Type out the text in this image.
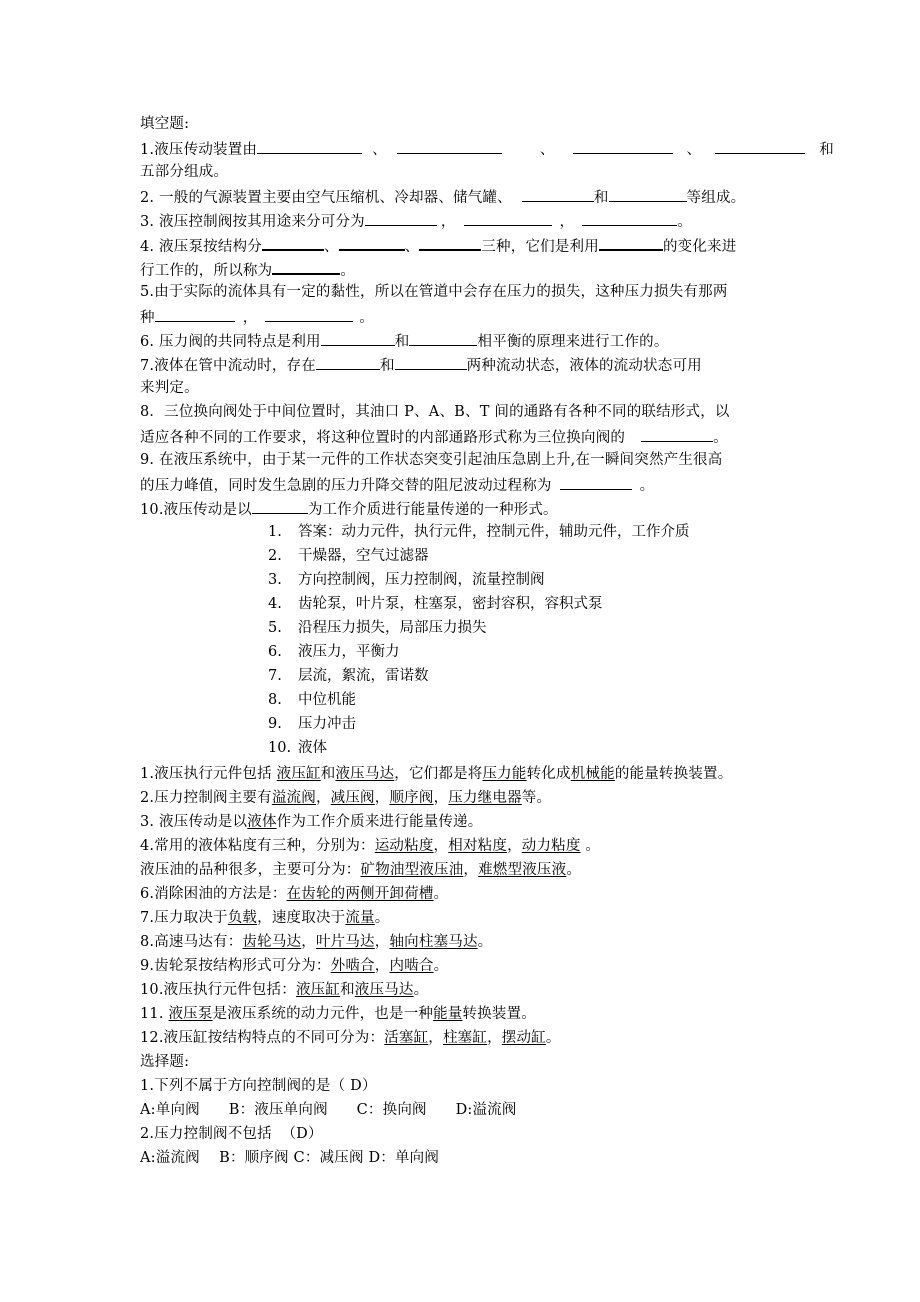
填空题:
1.液压传动装置由	、	、	、	和
五部分组成。
2. 一般的气源装置主要由空气压缩机、冷却器、储气罐、	和	等组成。
3. 液压控制阀按其用途来分可分为	，	，	。
4. 液压泵按结构分	、	、	三种，它们是利用	的变化来进
行工作的，所以称为	。
5.由于实际的流体具有一定的黏性，所以在管道中会存在压力的损失，这种压力损失有那两
种	，	。
6. 压力阀的共同特点是利用	和	相平衡的原理来进行工作的。
7.液体在管中流动时，存在	和	两种流动状态，液体的流动状态可用
来判定。
8．三位换向阀处于中间位置时，其油口 P、A、B、T 间的通路有各种不同的联结形式，以
适应各种不同的工作要求，将这种位置时的内部通路形式称为三位换向阀的	。
9. 在液压系统中，由于某一元件的工作状态突变引起油压急剧上升,在一瞬间突然产生很高
的压力峰值，同时发生急剧的压力升降交替的阻尼波动过程称为	。
10.液压传动是以	为工作介质进行能量传递的一种形式。
1. 答案：动力元件，执行元件，控制元件，辅助元件，工作介质
2. 干燥器，空气过滤器
3. 方向控制阀，压力控制阀，流量控制阀
4. 齿轮泵，叶片泵，柱塞泵，密封容积，容积式泵
5. 沿程压力损失，局部压力损失
6. 液压力，平衡力
7. 层流，絮流，雷诺数
8. 中位机能
9. 压力冲击
10. 液体
1.液压执行元件包括 液压缸和液压马达，它们都是将压力能转化成机械能的能量转换装置。
2.压力控制阀主要有溢流阀，减压阀，顺序阀，压力继电器等。
3. 液压传动是以液体作为工作介质来进行能量传递。
4.常用的液体粘度有三种，分别为：运动粘度，相对粘度，动力粘度 。
液压油的品种很多，主要可分为：矿物油型液压油，难燃型液压液。
6.消除困油的方法是：在齿轮的两侧开卸荷槽。
7.压力取决于负载，速度取决于流量。
8.高速马达有：齿轮马达，叶片马达，轴向柱塞马达。
9.齿轮泵按结构形式可分为：外啮合，内啮合。
10.液压执行元件包括：液压缸和液压马达。
11. 液压泵是液压系统的动力元件，也是一种能量转换装置。
12.液压缸按结构特点的不同可分为：活塞缸，柱塞缸，摆动缸。
选择题:
1.下列不属于方向控制阀的是（ D）
A:单向阀      B：液压单向阀      C：换向阀      D:溢流阀
2.压力控制阀不包括  （D）
A:溢流阀    B：顺序阀 C：减压阀 D：单向阀
